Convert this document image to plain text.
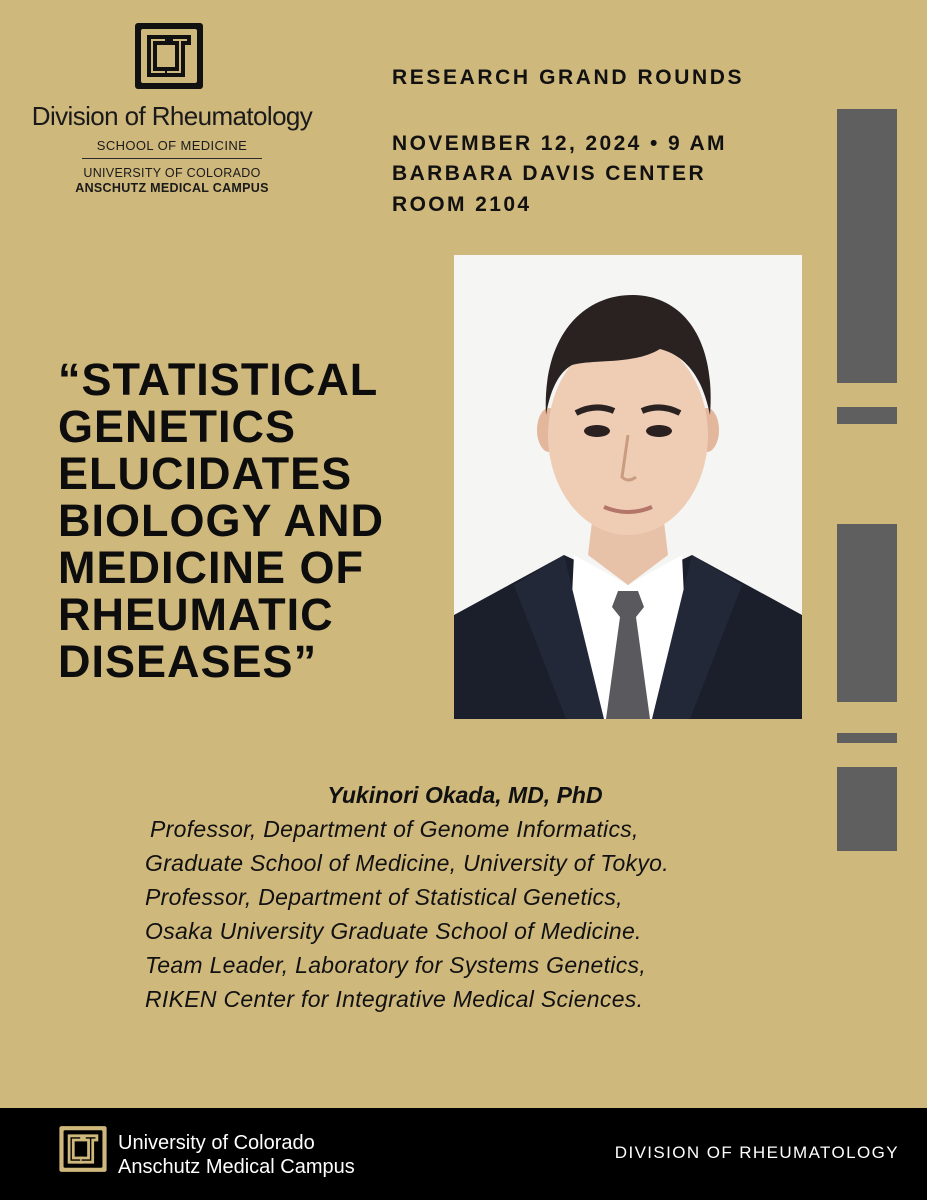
Division of Rheumatology
SCHOOL OF MEDICINE
UNIVERSITY OF COLORADO
ANSCHUTZ MEDICAL CAMPUS
RESEARCH GRAND ROUNDS
NOVEMBER 12, 2024 • 9 AM
BARBARA DAVIS CENTER
ROOM 2104
“STATISTICAL
GENETICS
ELUCIDATES
BIOLOGY AND
MEDICINE OF
RHEUMATIC
DISEASES”
Yukinori Okada, MD, PhD
Professor, Department of Genome Informatics,
Graduate School of Medicine, University of Tokyo.
Professor, Department of Statistical Genetics,
Osaka University Graduate School of Medicine.
Team Leader, Laboratory for Systems Genetics,
RIKEN Center for Integrative Medical Sciences.
University of Colorado
Anschutz Medical Campus
DIVISION OF RHEUMATOLOGY
